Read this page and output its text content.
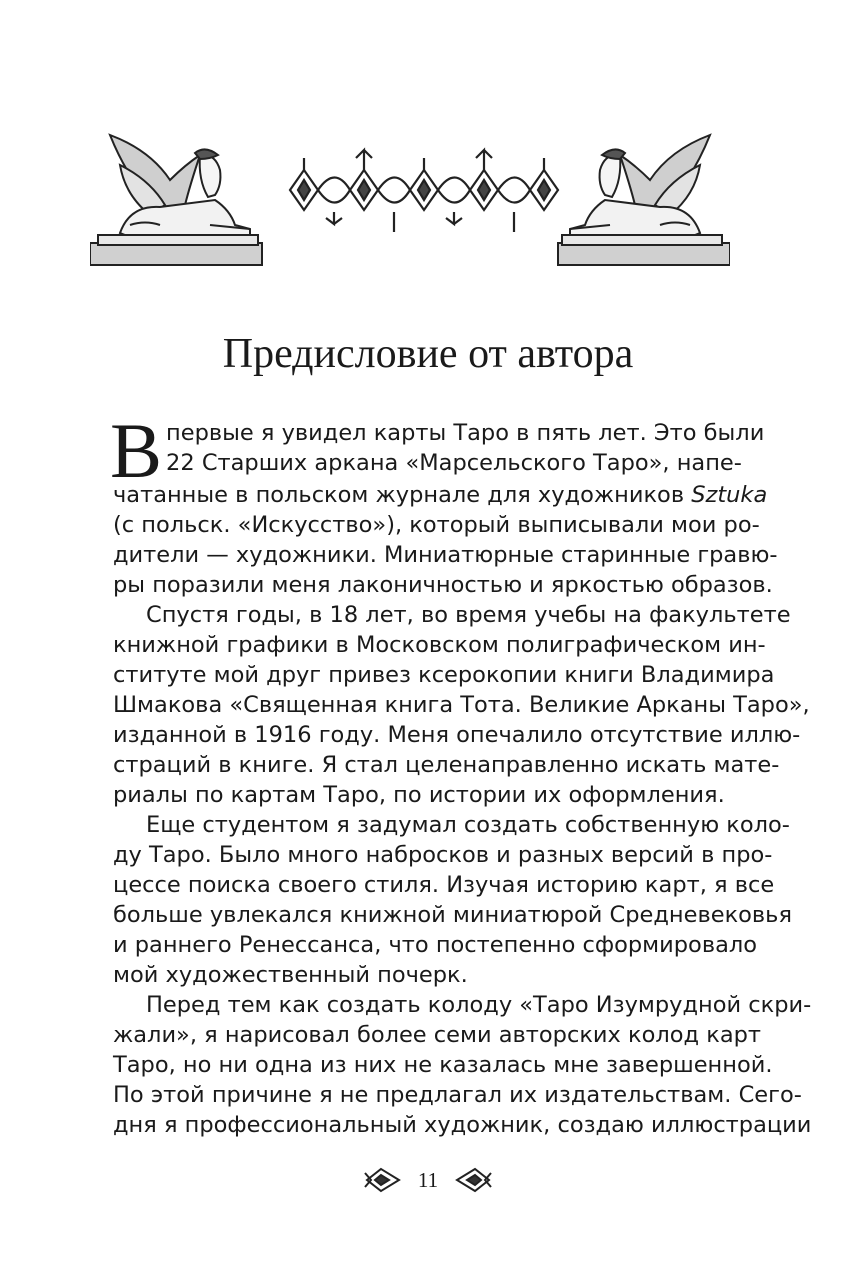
Предисловие от автора
В первые я увидел карты Таро в пять лет. Это были
22 Старших аркана «Марсельского Таро», напе-
чатанные в польском журнале для художников Sztuka
(с польск. «Искусство»), который выписывали мои ро-
дители — художники. Миниатюрные старинные гравю-
ры поразили меня лаконичностью и яркостью образов.
Спустя годы, в 18 лет, во время учебы на факультете
книжной графики в Московском полиграфическом ин-
ституте мой друг привез ксерокопии книги Владимира
Шмакова «Священная книга Тота. Великие Арканы Таро»,
изданной в 1916 году. Меня опечалило отсутствие иллю-
страций в книге. Я стал целенаправленно искать мате-
риалы по картам Таро, по истории их оформления.
Еще студентом я задумал создать собственную коло-
ду Таро. Было много набросков и разных версий в про-
цессе поиска своего стиля. Изучая историю карт, я все
больше увлекался книжной миниатюрой Средневековья
и раннего Ренессанса, что постепенно сформировало
мой художественный почерк.
Перед тем как создать колоду «Таро Изумрудной скри-
жали», я нарисовал более семи авторских колод карт
Таро, но ни одна из них не казалась мне завершенной.
По этой причине я не предлагал их издательствам. Сего-
дня я профессиональный художник, создаю иллюстрации
11
